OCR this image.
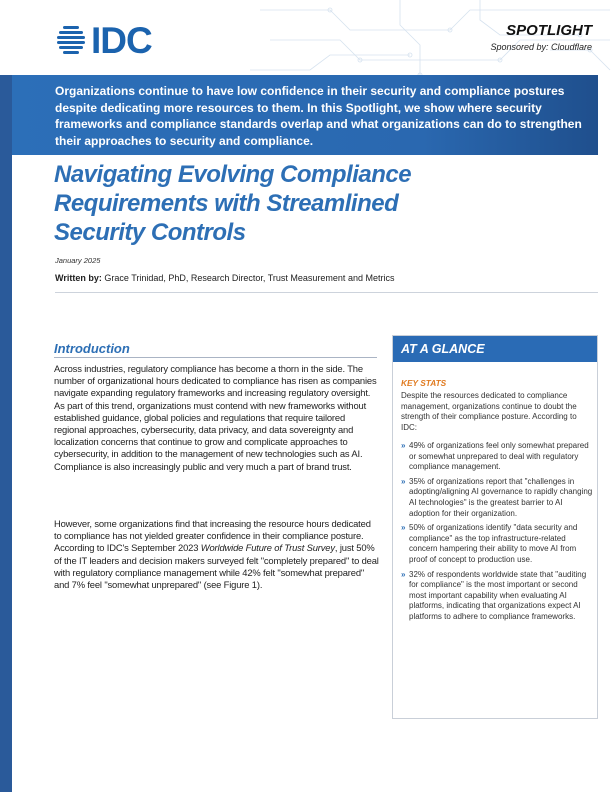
IDC	SPOTLIGHT
Sponsored by: Cloudflare
Organizations continue to have low confidence in their security and compliance postures despite dedicating more resources to them. In this Spotlight, we show where security frameworks and compliance standards overlap and what organizations can do to strengthen their approaches to security and compliance.
Navigating Evolving Compliance
Requirements with Streamlined
Security Controls
January 2025
Written by: Grace Trinidad, PhD, Research Director, Trust Measurement and Metrics
Introduction

Across industries, regulatory compliance has become a thorn in the side. The number of organizational hours dedicated to compliance has risen as companies navigate expanding regulatory frameworks and increasing regulatory oversight. As part of this trend, organizations must contend with new frameworks without established guidance, global policies and regulations that require tailored regional approaches, cybersecurity, data privacy, and data sovereignty and localization concerns that continue to grow and complicate approaches to cybersecurity, in addition to the management of new technologies such as AI. Compliance is also increasingly public and very much a part of brand trust.

However, some organizations find that increasing the resource hours dedicated to compliance has not yielded greater confidence in their compliance posture. According to IDC's September 2023 Worldwide Future of Trust Survey, just 50% of the IT leaders and decision makers surveyed felt "completely prepared" to deal with regulatory compliance management while 42% felt "somewhat prepared" and 7% feel "somewhat unprepared" (see Figure 1).

AT A GLANCE
KEY STATS
Despite the resources dedicated to compliance management, organizations continue to doubt the strength of their compliance posture. According to IDC:
» 49% of organizations feel only somewhat prepared or somewhat unprepared to deal with regulatory compliance management.
» 35% of organizations report that "challenges in adopting/aligning AI governance to rapidly changing AI technologies" is the greatest barrier to AI adoption for their organization.
» 50% of organizations identify "data security and compliance" as the top infrastructure-related concern hampering their ability to move AI from proof of concept to production use.
» 32% of respondents worldwide state that "auditing for compliance" is the most important or second most important capability when evaluating AI platforms, indicating that organizations expect AI platforms to adhere to compliance frameworks.
